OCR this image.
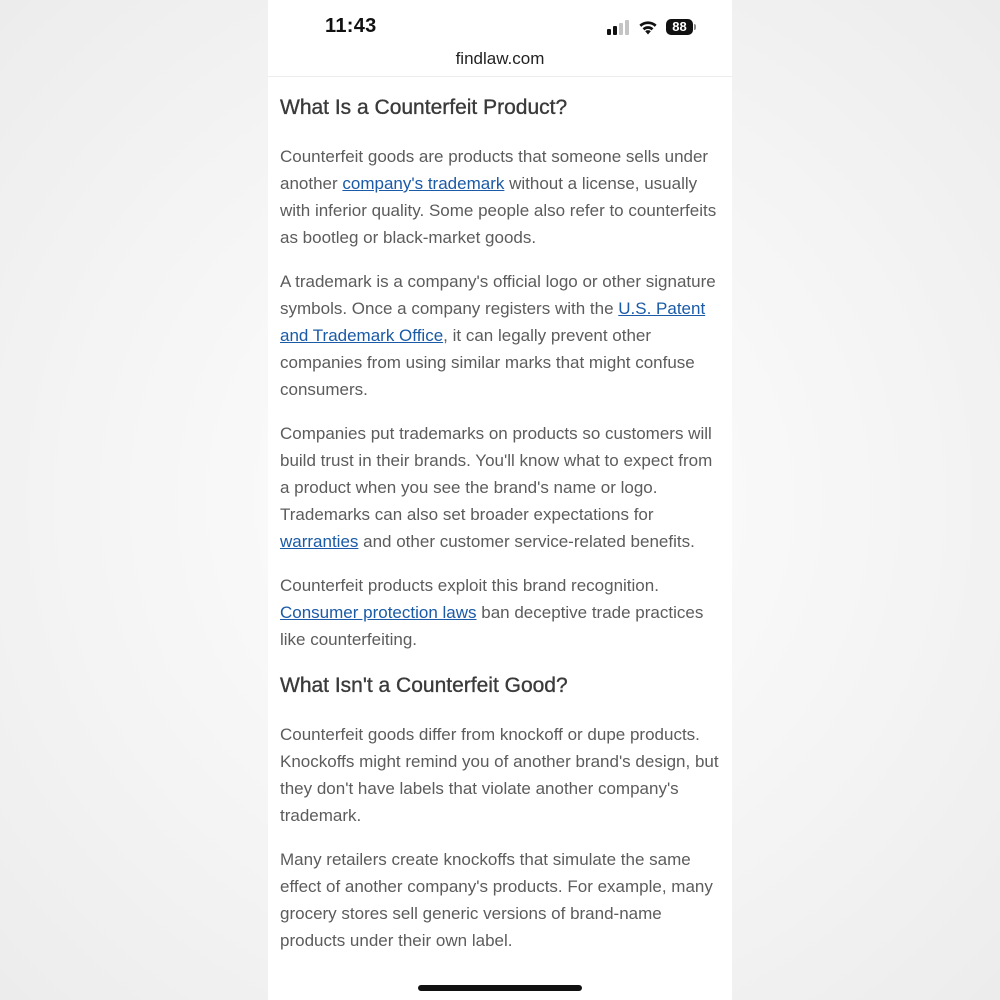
11:43	88
findlaw.com
What Is a Counterfeit Product?

Counterfeit goods are products that someone sells under another company's trademark without a license, usually with inferior quality. Some people also refer to counterfeits as bootleg or black-market goods.

A trademark is a company's official logo or other signature symbols. Once a company registers with the U.S. Patent and Trademark Office, it can legally prevent other companies from using similar marks that might confuse consumers.

Companies put trademarks on products so customers will build trust in their brands. You'll know what to expect from a product when you see the brand's name or logo. Trademarks can also set broader expectations for warranties and other customer service-related benefits.

Counterfeit products exploit this brand recognition. Consumer protection laws ban deceptive trade practices like counterfeiting.

What Isn't a Counterfeit Good?

Counterfeit goods differ from knockoff or dupe products. Knockoffs might remind you of another brand's design, but they don't have labels that violate another company's trademark.

Many retailers create knockoffs that simulate the same effect of another company's products. For example, many grocery stores sell generic versions of brand-name products under their own label.
